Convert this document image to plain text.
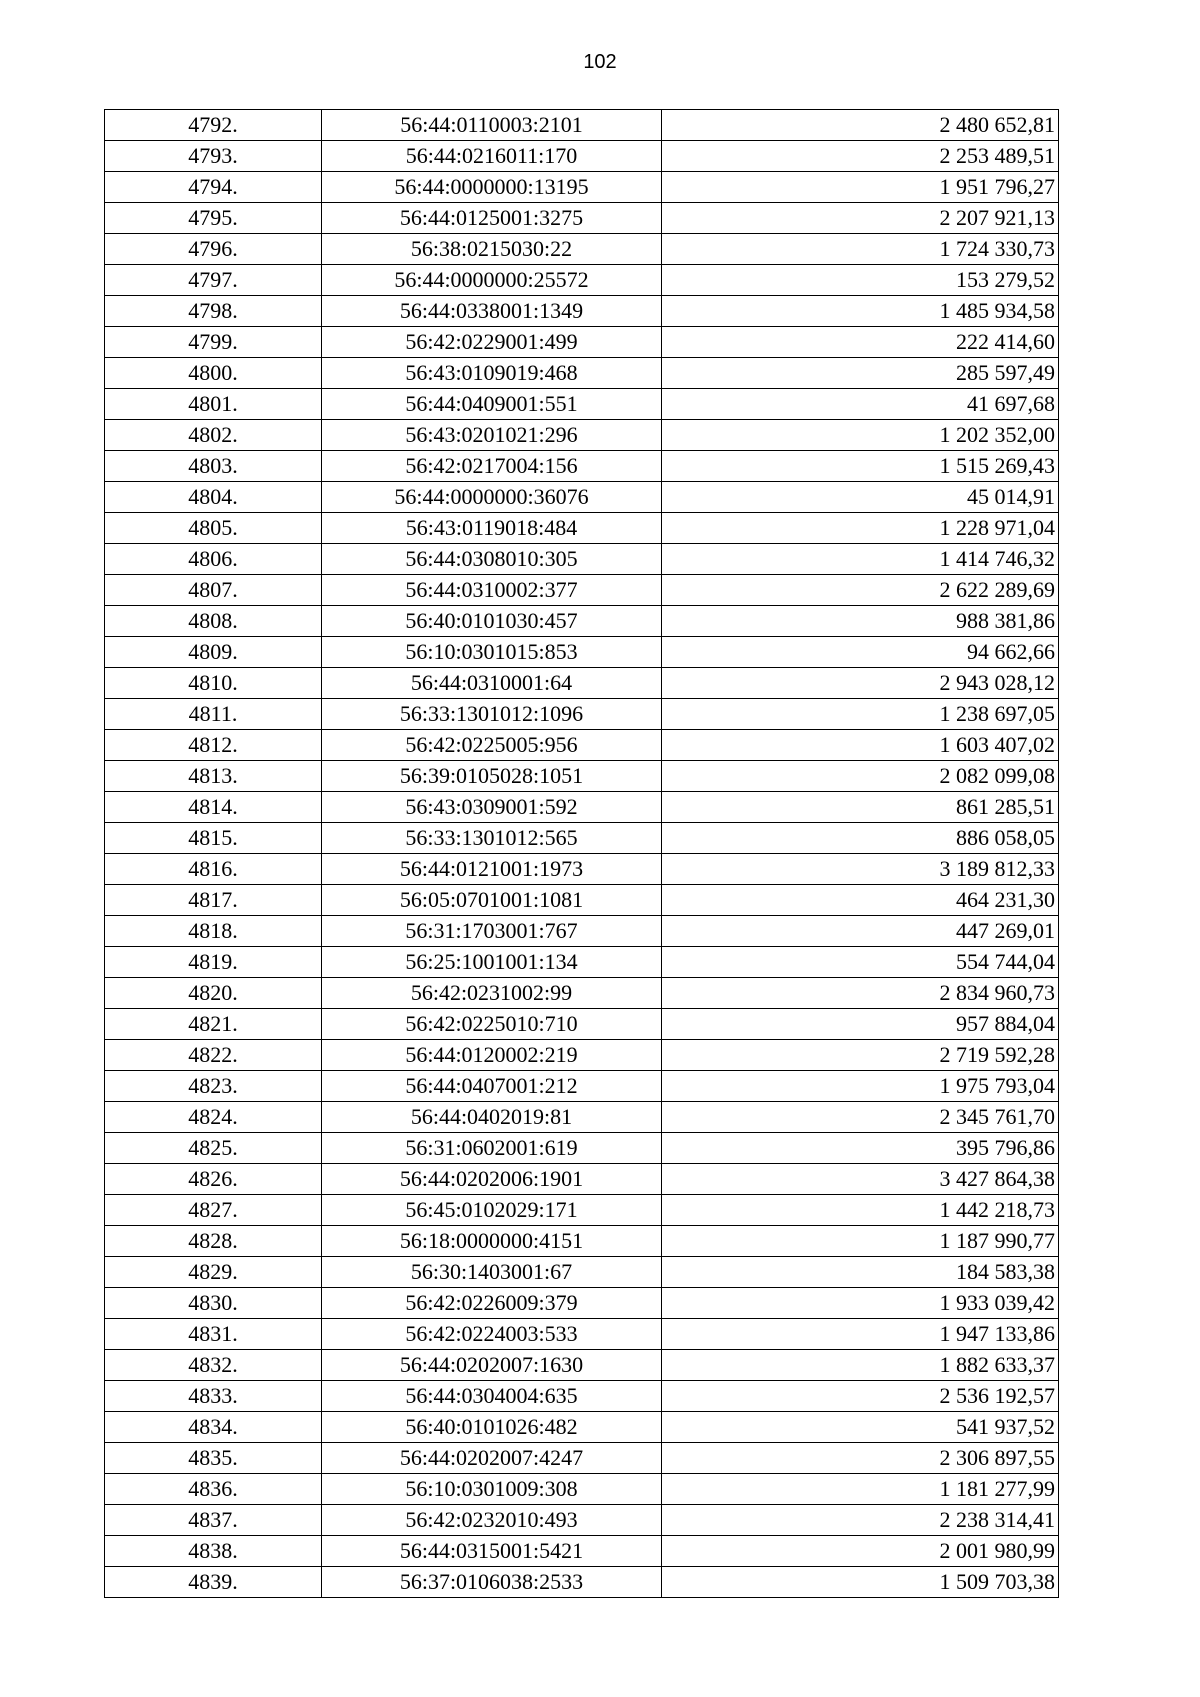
102
4792.	56:44:0110003:2101	2 480 652,81
4793.	56:44:0216011:170	2 253 489,51
4794.	56:44:0000000:13195	1 951 796,27
4795.	56:44:0125001:3275	2 207 921,13
4796.	56:38:0215030:22	1 724 330,73
4797.	56:44:0000000:25572	153 279,52
4798.	56:44:0338001:1349	1 485 934,58
4799.	56:42:0229001:499	222 414,60
4800.	56:43:0109019:468	285 597,49
4801.	56:44:0409001:551	41 697,68
4802.	56:43:0201021:296	1 202 352,00
4803.	56:42:0217004:156	1 515 269,43
4804.	56:44:0000000:36076	45 014,91
4805.	56:43:0119018:484	1 228 971,04
4806.	56:44:0308010:305	1 414 746,32
4807.	56:44:0310002:377	2 622 289,69
4808.	56:40:0101030:457	988 381,86
4809.	56:10:0301015:853	94 662,66
4810.	56:44:0310001:64	2 943 028,12
4811.	56:33:1301012:1096	1 238 697,05
4812.	56:42:0225005:956	1 603 407,02
4813.	56:39:0105028:1051	2 082 099,08
4814.	56:43:0309001:592	861 285,51
4815.	56:33:1301012:565	886 058,05
4816.	56:44:0121001:1973	3 189 812,33
4817.	56:05:0701001:1081	464 231,30
4818.	56:31:1703001:767	447 269,01
4819.	56:25:1001001:134	554 744,04
4820.	56:42:0231002:99	2 834 960,73
4821.	56:42:0225010:710	957 884,04
4822.	56:44:0120002:219	2 719 592,28
4823.	56:44:0407001:212	1 975 793,04
4824.	56:44:0402019:81	2 345 761,70
4825.	56:31:0602001:619	395 796,86
4826.	56:44:0202006:1901	3 427 864,38
4827.	56:45:0102029:171	1 442 218,73
4828.	56:18:0000000:4151	1 187 990,77
4829.	56:30:1403001:67	184 583,38
4830.	56:42:0226009:379	1 933 039,42
4831.	56:42:0224003:533	1 947 133,86
4832.	56:44:0202007:1630	1 882 633,37
4833.	56:44:0304004:635	2 536 192,57
4834.	56:40:0101026:482	541 937,52
4835.	56:44:0202007:4247	2 306 897,55
4836.	56:10:0301009:308	1 181 277,99
4837.	56:42:0232010:493	2 238 314,41
4838.	56:44:0315001:5421	2 001 980,99
4839.	56:37:0106038:2533	1 509 703,38
